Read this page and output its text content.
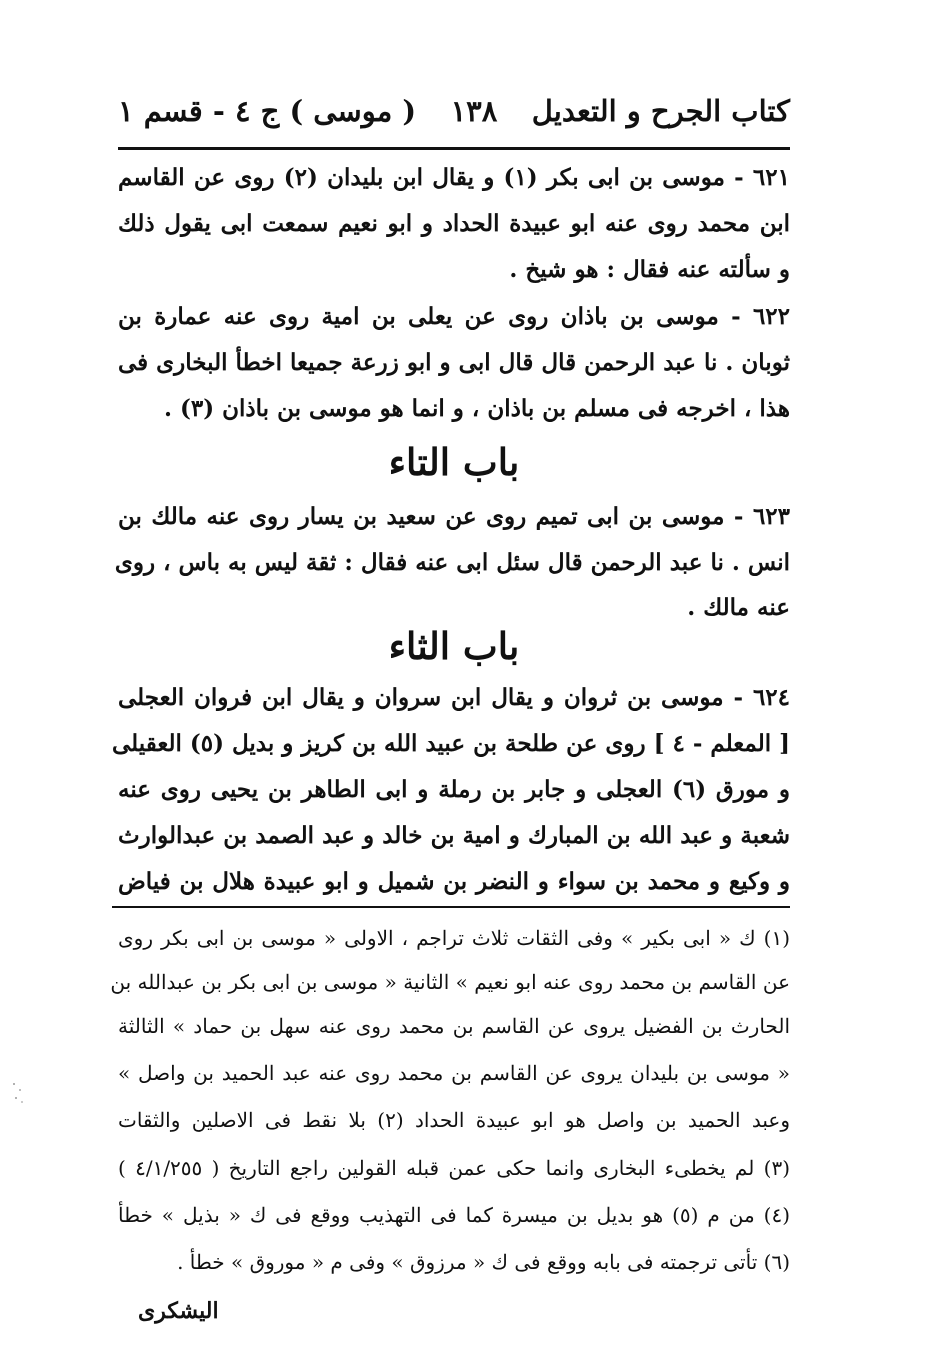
كتاب الجرح و التعديل
١٣٨
( موسى ) ج ٤ - قسم ١
٦٢١ - موسى بن ابى بكر (١) و يقال ابن بليدان (٢) روى عن القاسم
ابن محمد روى عنه ابو عبيدة الحداد و ابو نعيم سمعت ابى يقول ذلك
و سألته عنه فقال : هو شيخ .
٦٢٢ - موسى بن باذان روى عن يعلى بن امية روى عنه عمارة بن
ثوبان . نا عبد الرحمن قال قال ابى و ابو زرعة جميعا اخطأ البخارى فى
هذا ، اخرجه فى مسلم بن باذان ، و انما هو موسى بن باذان (٣) .
باب التاء
٦٢٣ - موسى بن ابى تميم روى عن سعيد بن يسار روى عنه مالك بن
انس . نا عبد الرحمن قال سئل ابى عنه فقال : ثقة ليس به باس ، روى
عنه مالك .
باب الثاء
٦٢٤ - موسى بن ثروان و يقال ابن سروان و يقال ابن فروان العجلى
[ المعلم - ٤ ] روى عن طلحة بن عبيد الله بن كريز و بديل (٥) العقيلى
و مورق (٦) العجلى و جابر بن رملة و ابى الطاهر بن يحيى روى عنه
شعبة و عبد الله بن المبارك و امية بن خالد و عبد الصمد بن عبدالوارث
و وكيع و محمد بن سواء و النضر بن شميل و ابو عبيدة هلال بن فياض
(١) ك « ابى بكير » وفى الثقات ثلاث تراجم ، الاولى « موسى بن ابى بكر روى
عن القاسم بن محمد روى عنه ابو نعيم » الثانية « موسى بن ابى بكر بن عبدالله بن
الحارث بن الفضيل يروى عن القاسم بن محمد روى عنه سهل بن حماد » الثالثة
« موسى بن بليدان يروى عن القاسم بن محمد روى عنه عبد الحميد بن واصل »
وعبد الحميد بن واصل هو ابو عبيدة الحداد (٢) بلا نقط فى الاصلين والثقات
(٣) لم يخطىء البخارى وانما حكى عمن قبله القولين راجع التاريخ ( ٤/١/٢٥٥ )
(٤) من م (٥) هو بديل بن ميسرة كما فى التهذيب ووقع فى ك « بذيل » خطأ
(٦) تأتى ترجمته فى بابه ووقع فى ك « مرزوق » وفى م « موروق » خطأ .
اليشكرى
